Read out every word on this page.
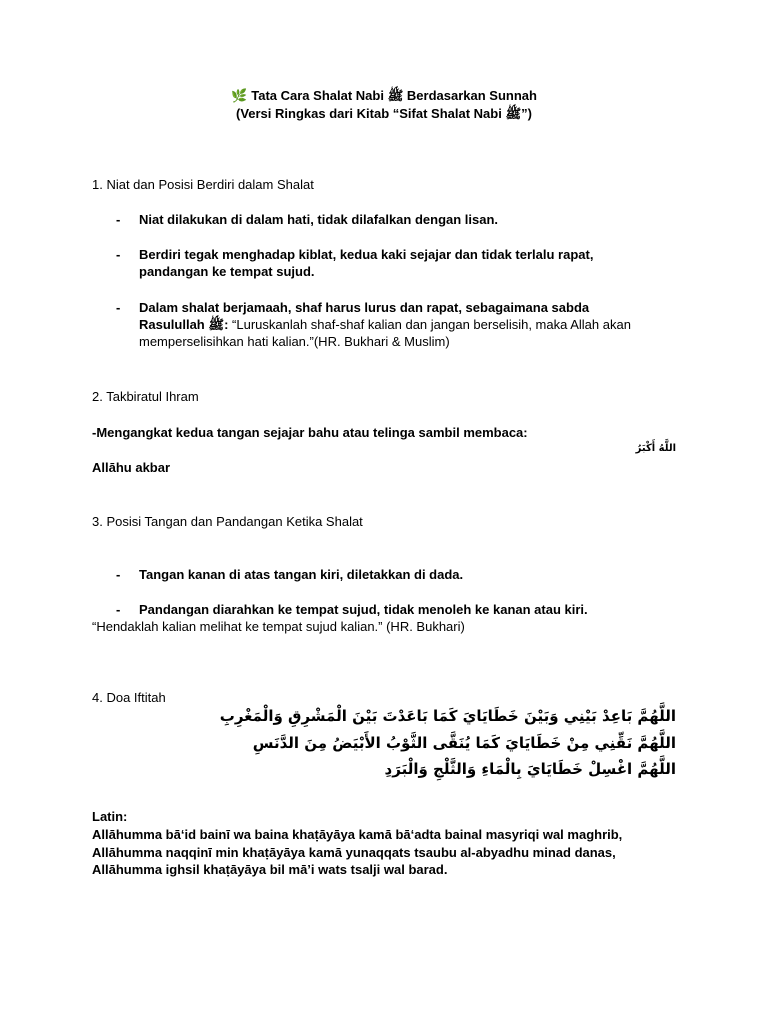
🌿 Tata Cara Shalat Nabi ﷺ Berdasarkan Sunnah
(Versi Ringkas dari Kitab “Sifat Shalat Nabi ﷺ”)
1. Niat dan Posisi Berdiri dalam Shalat
- Niat dilakukan di dalam hati, tidak dilafalkan dengan lisan.
- Berdiri tegak menghadap kiblat, kedua kaki sejajar dan tidak terlalu rapat, pandangan ke tempat sujud.
- Dalam shalat berjamaah, shaf harus lurus dan rapat, sebagaimana sabda Rasulullah ﷺ: “Luruskanlah shaf-shaf kalian dan jangan berselisih, maka Allah akan memperselisihkan hati kalian.”(HR. Bukhari & Muslim)
2. Takbiratul Ihram
-Mengangkat kedua tangan sejajar bahu atau telinga sambil membaca:
اللَّهُ أَكْبَرُ
Allāhu akbar
3. Posisi Tangan dan Pandangan Ketika Shalat
- Tangan kanan di atas tangan kiri, diletakkan di dada.
- Pandangan diarahkan ke tempat sujud, tidak menoleh ke kanan atau kiri.
“Hendaklah kalian melihat ke tempat sujud kalian.” (HR. Bukhari)
4. Doa Iftitah
اللَّهُمَّ بَاعِدْ بَيْنِي وَبَيْنَ خَطَايَايَ كَمَا بَاعَدْتَ بَيْنَ الْمَشْرِقِ وَالْمَغْرِبِ
اللَّهُمَّ نَقِّنِي مِنْ خَطَايَايَ كَمَا يُنَقَّى الثَّوْبُ الأَبْيَضُ مِنَ الدَّنَسِ
اللَّهُمَّ اغْسِلْ خَطَايَايَ بِالْمَاءِ وَالثَّلْجِ وَالْبَرَدِ
Latin:
Allāhumma bā‘id bainī wa baina khaṭāyāya kamā bā‘adta bainal masyriqi wal maghrib,
Allāhumma naqqinī min khaṭāyāya kamā yunaqqats tsaubu al-abyadhu minad danas,
Allāhumma ighsil khaṭāyāya bil mā’i wats tsalji wal barad.
